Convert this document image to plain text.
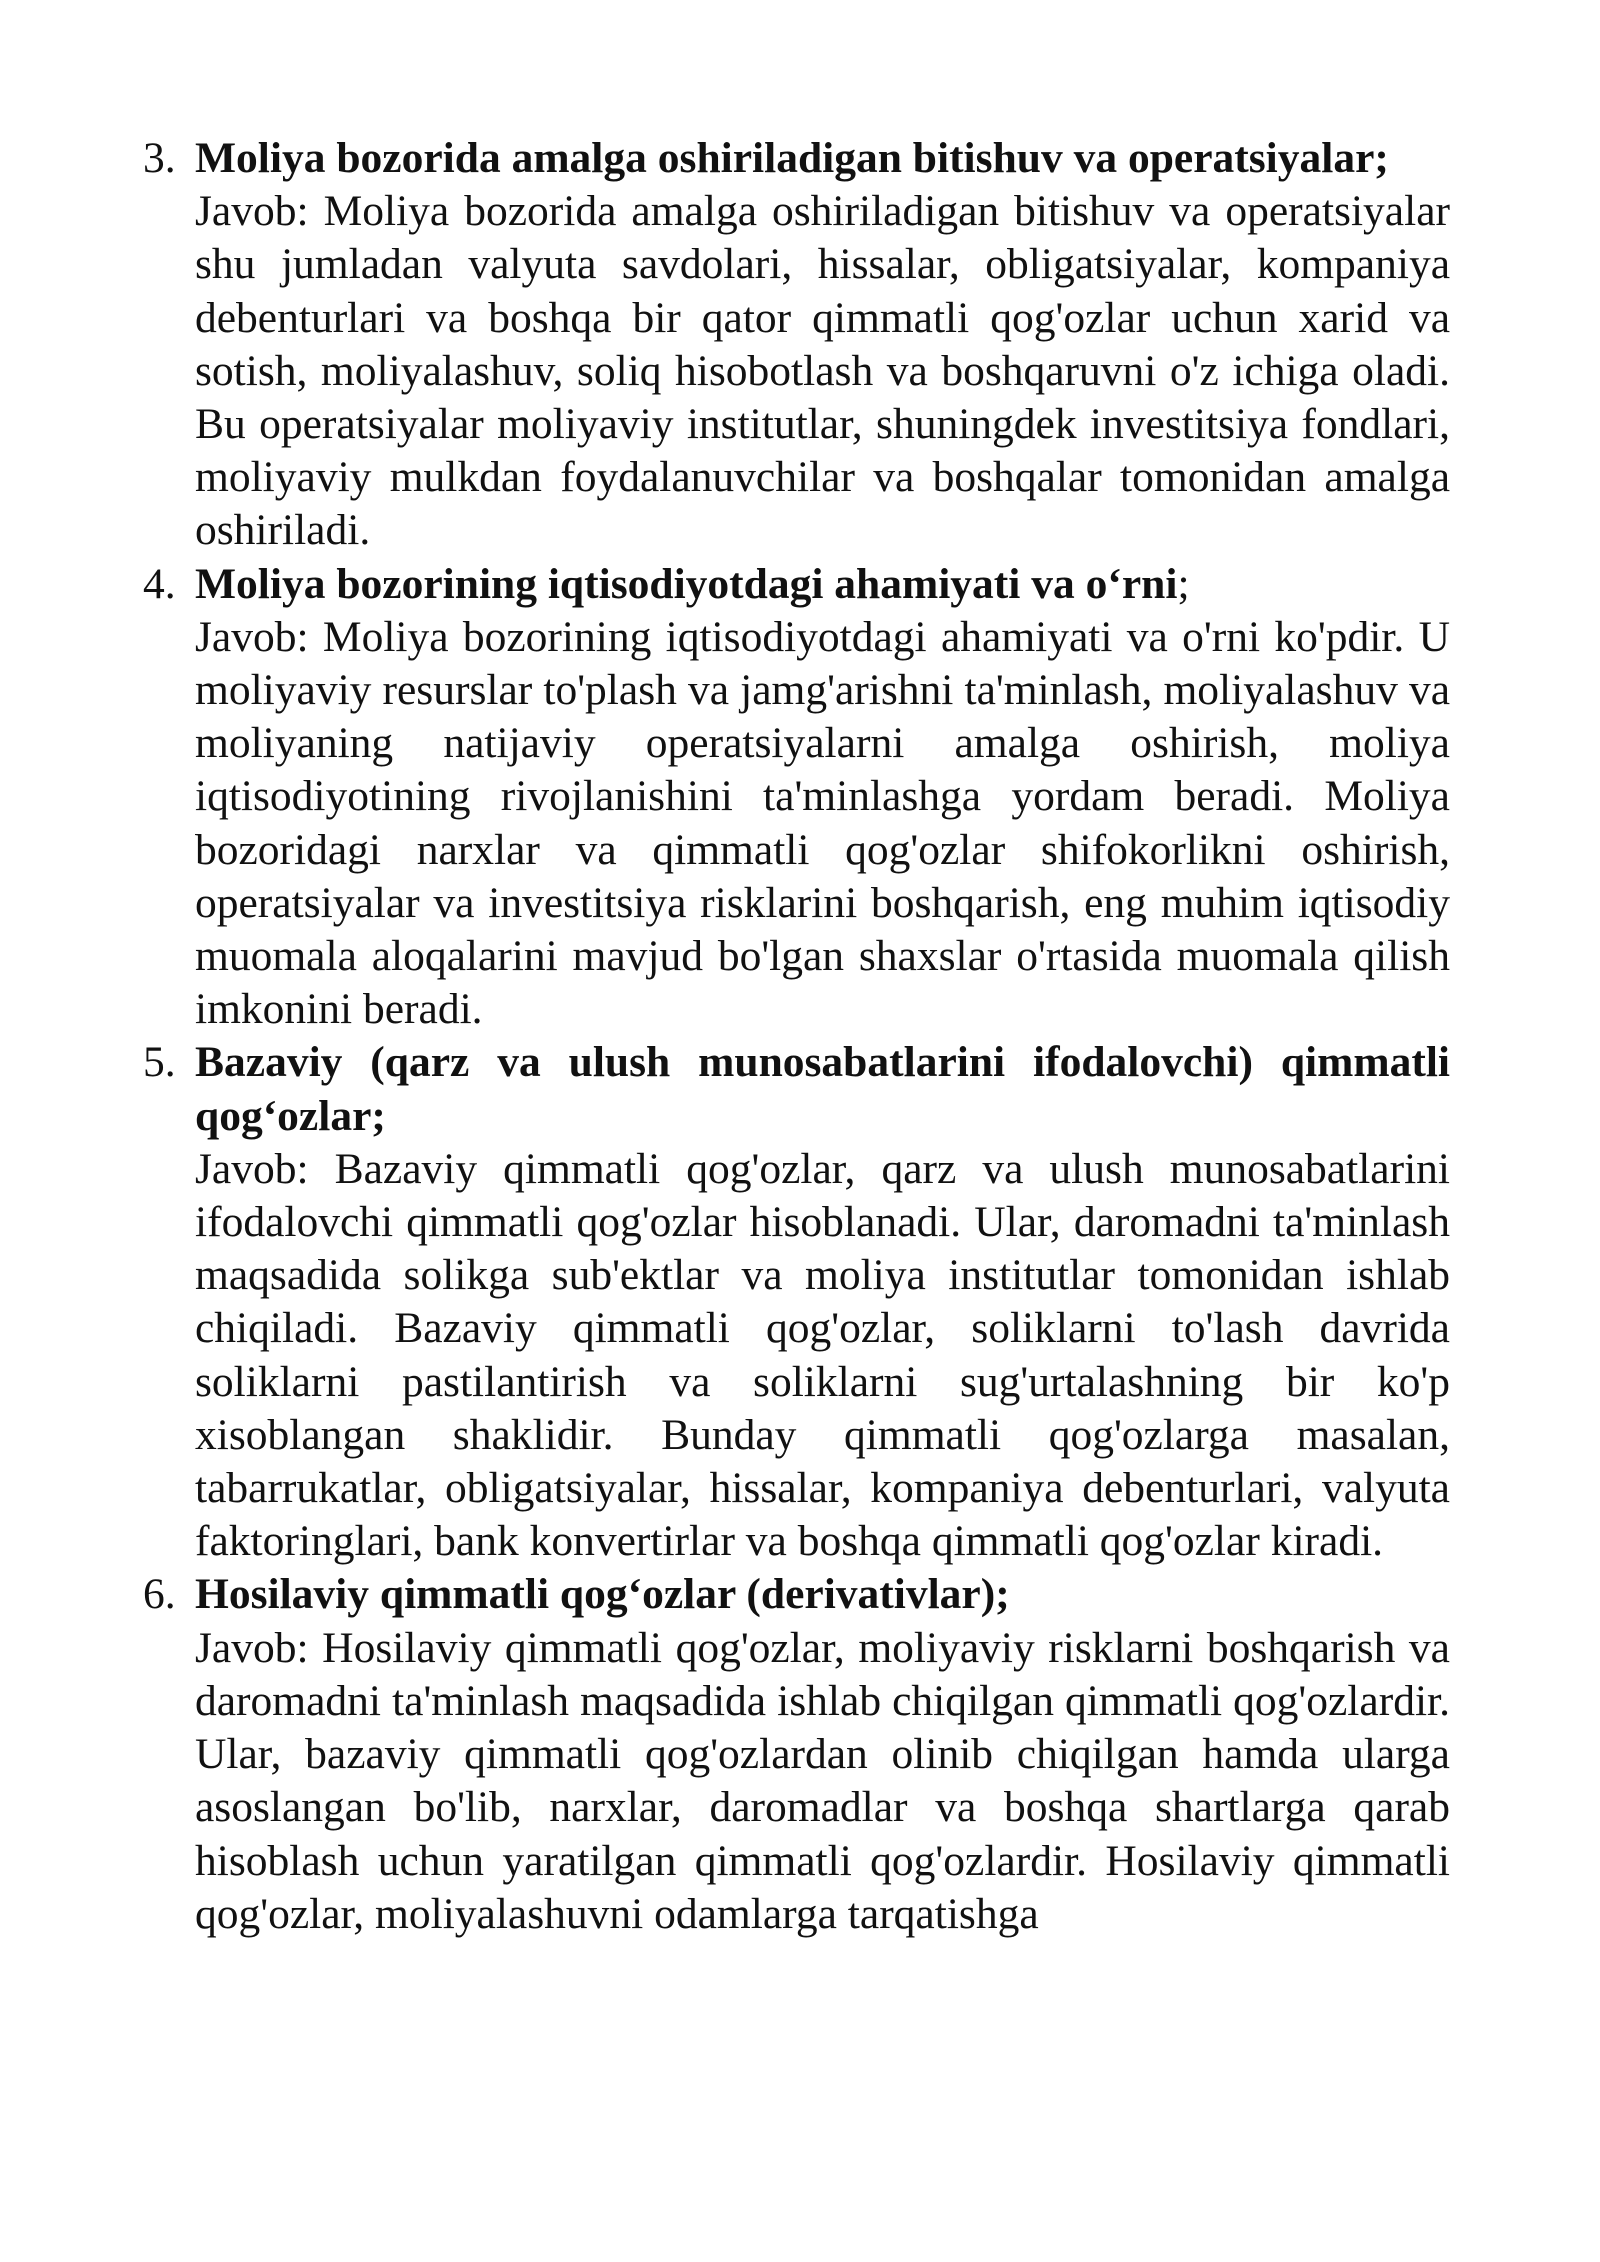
3. Moliya bozorida amalga oshiriladigan bitishuv va operatsiyalar;
Javob: Moliya bozorida amalga oshiriladigan bitishuv va operatsiyalar shu jumladan valyuta savdolari, hissalar, obligatsiyalar, kompaniya debenturlari va boshqa bir qator qimmatli qog'ozlar uchun xarid va sotish, moliyalashuv, soliq hisobotlash va boshqaruvni o'z ichiga oladi. Bu operatsiyalar moliyaviy institutlar, shuningdek investitsiya fondlari, moliyaviy mulkdan foydalanuvchilar va boshqalar tomonidan amalga oshiriladi.
4. Moliya bozorining iqtisodiyotdagi ahamiyati va o‘rni;
Javob: Moliya bozorining iqtisodiyotdagi ahamiyati va o'rni ko'pdir. U moliyaviy resurslar to'plash va jamg'arishni ta'minlash, moliyalashuv va moliyaning natijaviy operatsiyalarni amalga oshirish, moliya iqtisodiyotining rivojlanishini ta'minlashga yordam beradi. Moliya bozoridagi narxlar va qimmatli qog'ozlar shifokorlikni oshirish, operatsiyalar va investitsiya risklarini boshqarish, eng muhim iqtisodiy muomala aloqalarini mavjud bo'lgan shaxslar o'rtasida muomala qilish imkonini beradi.
5. Bazaviy (qarz va ulush munosabatlarini ifodalovchi) qimmatli qog‘ozlar;
Javob: Bazaviy qimmatli qog'ozlar, qarz va ulush munosabatlarini ifodalovchi qimmatli qog'ozlar hisoblanadi. Ular, daromadni ta'minlash maqsadida solikga sub'ektlar va moliya institutlar tomonidan ishlab chiqiladi. Bazaviy qimmatli qog'ozlar, soliklarni to'lash davrida soliklarni pastilantirish va soliklarni sug'urtalashning bir ko'p xisoblangan shaklidir. Bunday qimmatli qog'ozlarga masalan, tabarrukatlar, obligatsiyalar, hissalar, kompaniya debenturlari, valyuta faktoringlari, bank konvertirlar va boshqa qimmatli qog'ozlar kiradi.
6. Hosilaviy qimmatli qog‘ozlar (derivativlar);
Javob: Hosilaviy qimmatli qog'ozlar, moliyaviy risklarni boshqarish va daromadni ta'minlash maqsadida ishlab chiqilgan qimmatli qog'ozlardir. Ular, bazaviy qimmatli qog'ozlardan olinib chiqilgan hamda ularga asoslangan bo'lib, narxlar, daromadlar va boshqa shartlarga qarab hisoblash uchun yaratilgan qimmatli qog'ozlardir. Hosilaviy qimmatli qog'ozlar, moliyalashuvni odamlarga tarqatishga
